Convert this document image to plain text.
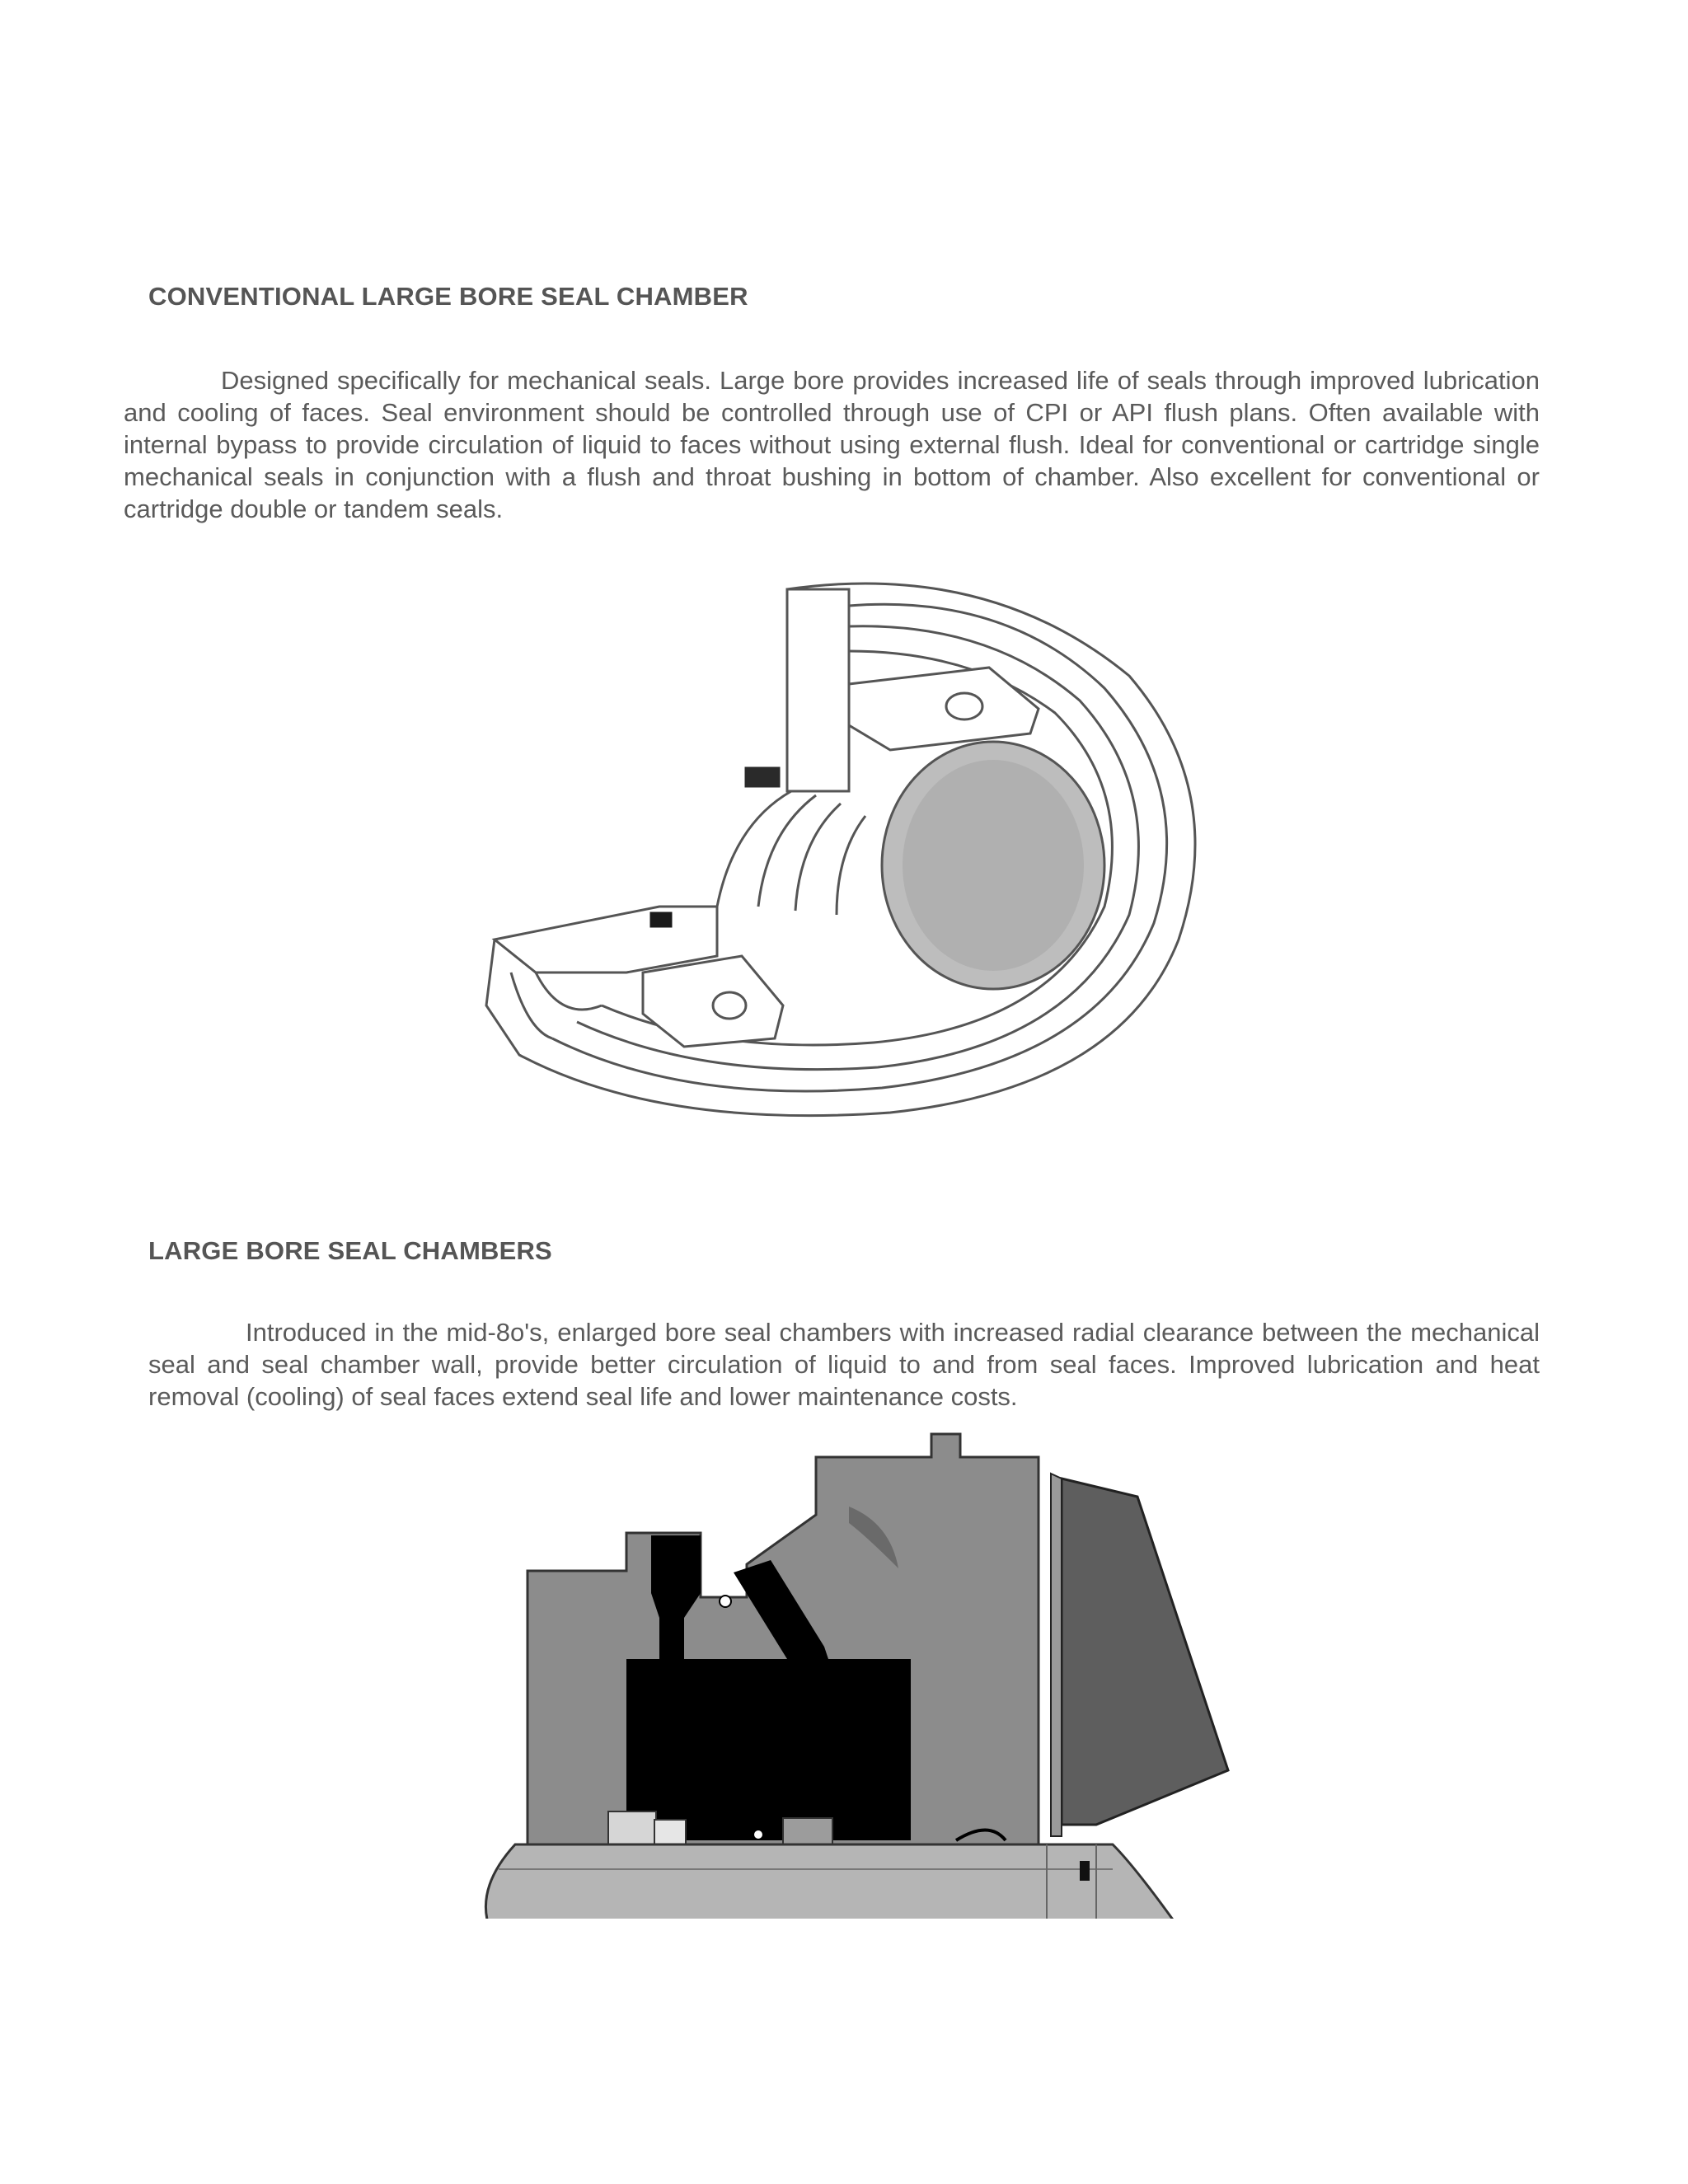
CONVENTIONAL LARGE BORE SEAL CHAMBER

Designed specifically for mechanical seals. Large bore provides increased life of seals through improved lubrication and cooling of faces. Seal environment should be controlled through use of CPI or API flush plans. Often available with internal bypass to provide circulation of liquid to faces without using external flush. Ideal for conventional or cartridge single mechanical seals in conjunction with a flush and throat bushing in bottom of chamber. Also excellent for conventional or cartridge double or tandem seals.

LARGE BORE SEAL CHAMBERS

Introduced in the mid-8o's, enlarged bore seal chambers with increased radial clearance between the mechanical seal and seal chamber wall, provide better circulation of liquid to and from seal faces. Improved lubrication and heat removal (cooling) of seal faces extend seal life and lower maintenance costs.
